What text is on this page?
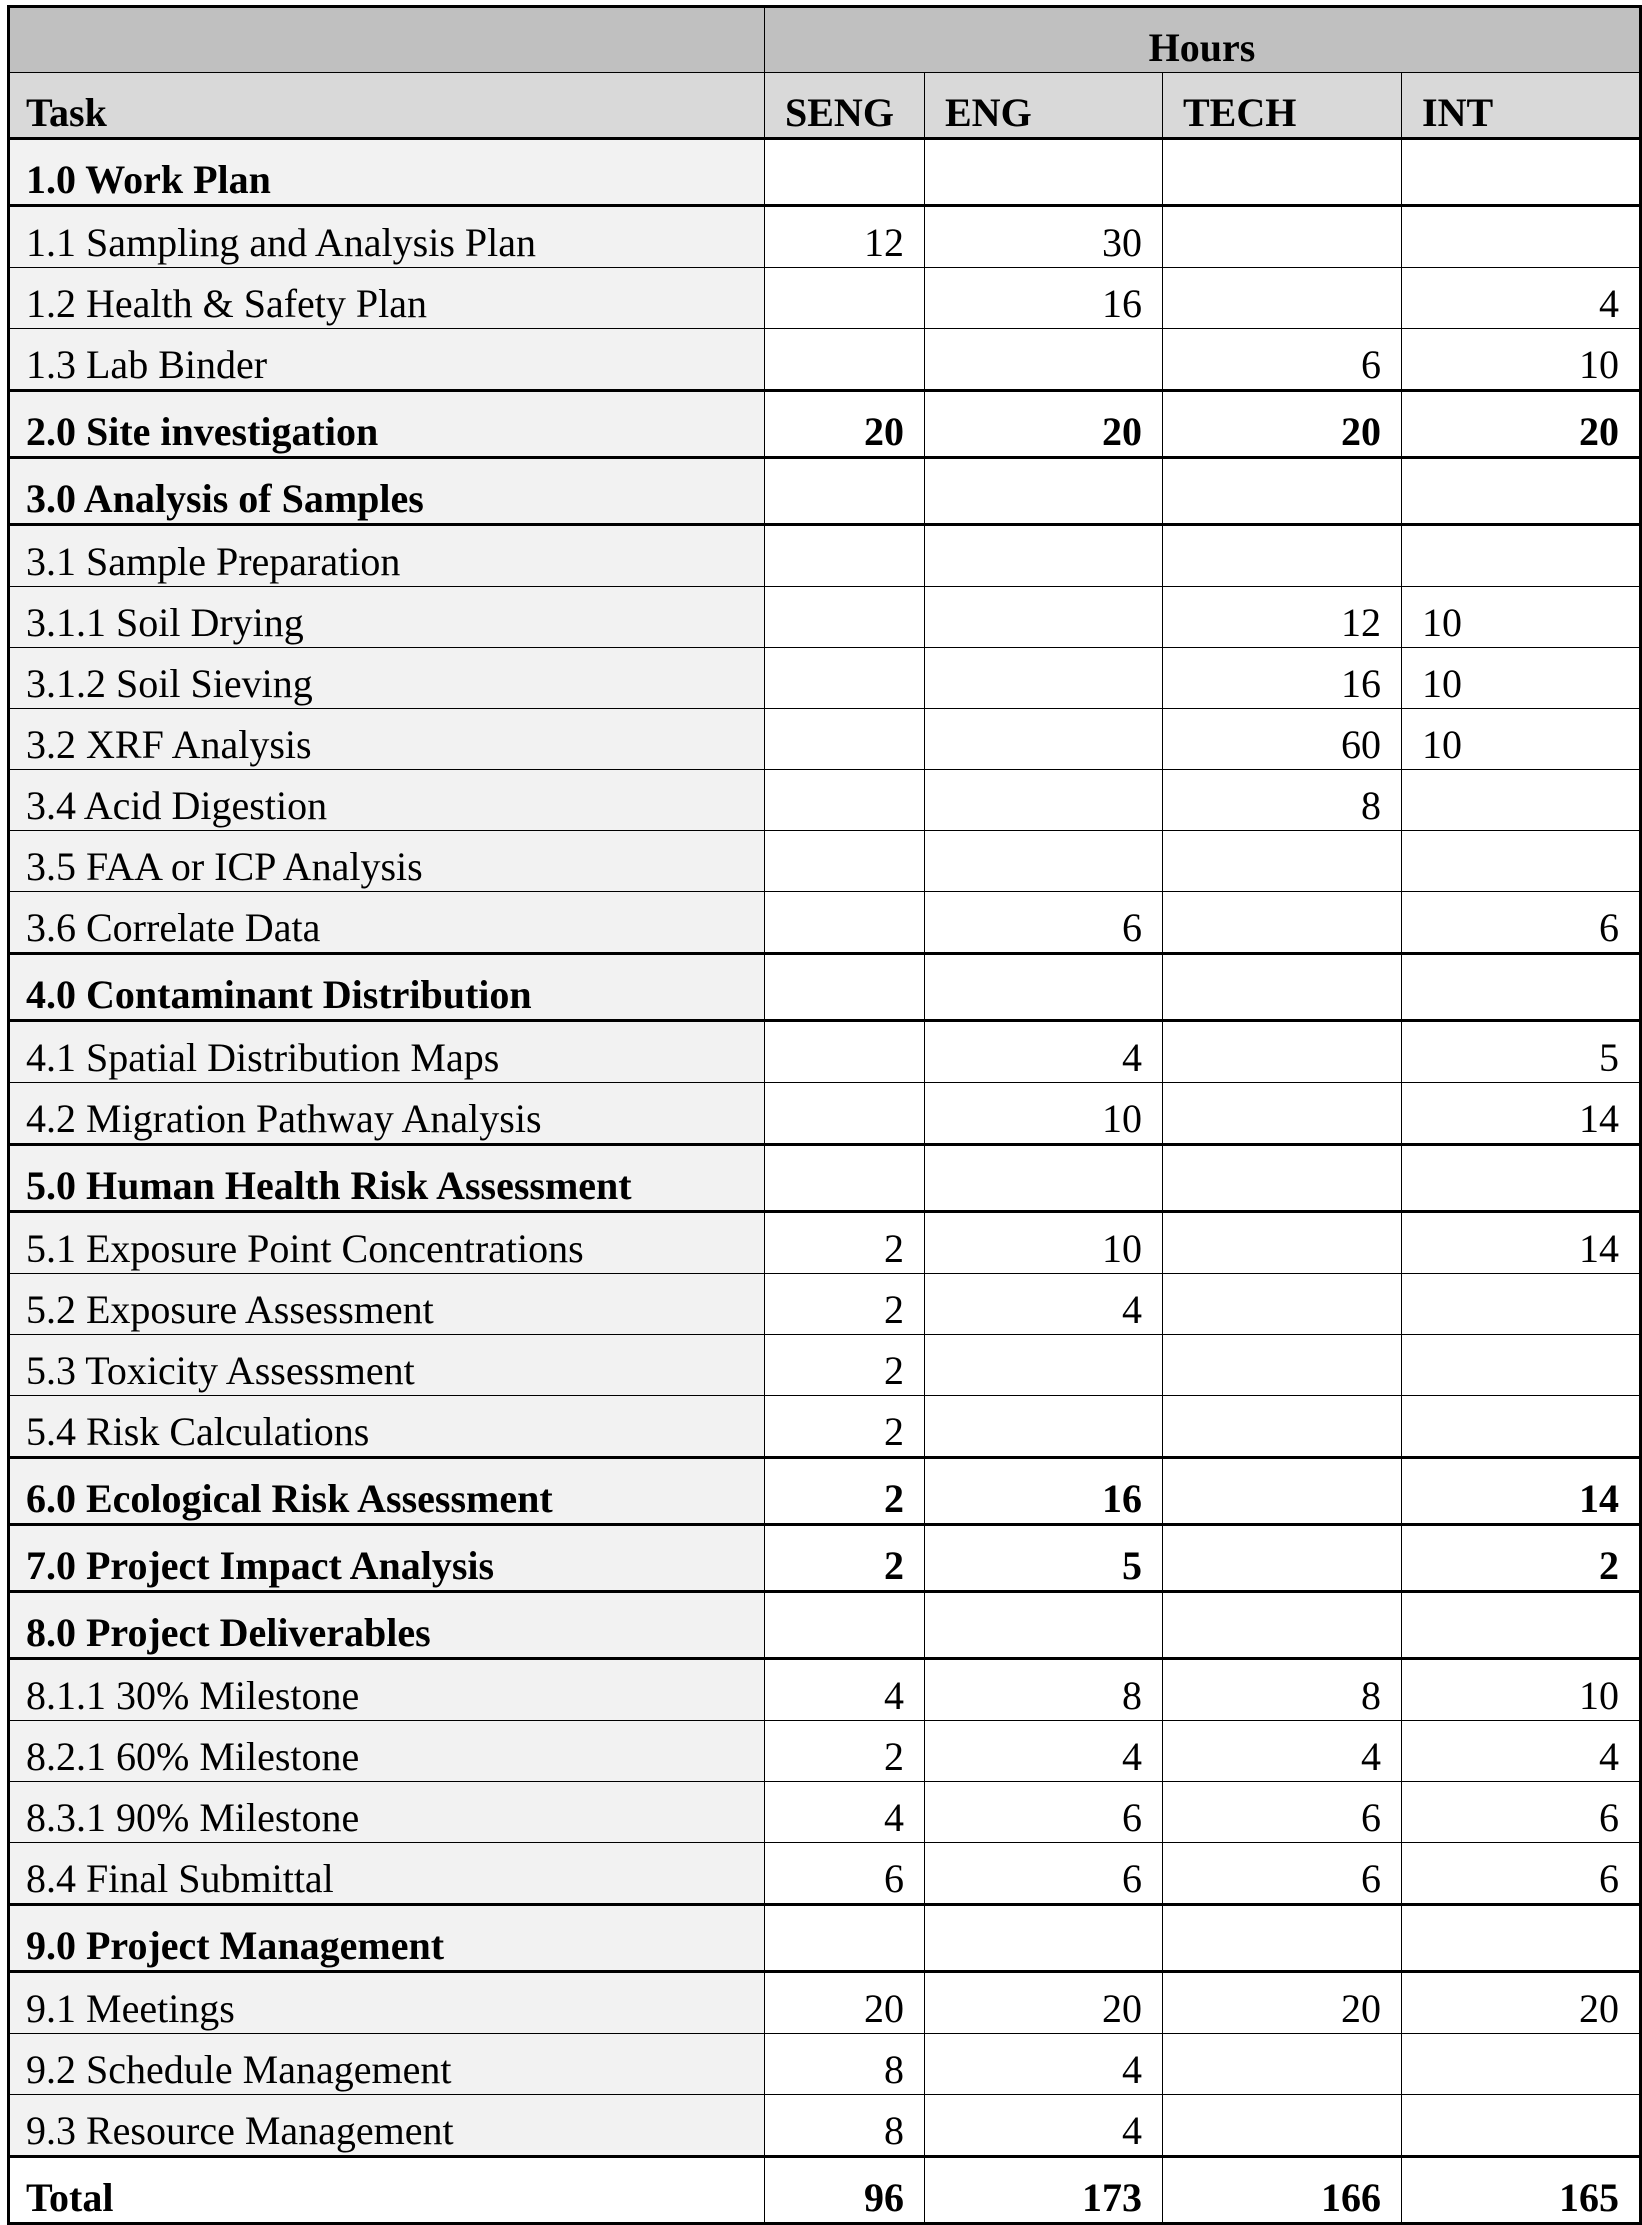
	Hours			
Task	SENG	ENG	TECH	INT
1.0 Work Plan				
1.1 Sampling and Analysis Plan	12	30		
1.2 Health & Safety Plan		16		4
1.3 Lab Binder			6	10
2.0 Site investigation	20	20	20	20
3.0 Analysis of Samples				
3.1 Sample Preparation				
3.1.1 Soil Drying			12	10
3.1.2 Soil Sieving			16	10
3.2 XRF Analysis			60	10
3.4 Acid Digestion			8	
3.5 FAA or ICP Analysis				
3.6 Correlate Data		6		6
4.0 Contaminant Distribution				
4.1 Spatial Distribution Maps		4		5
4.2 Migration Pathway Analysis		10		14
5.0 Human Health Risk Assessment				
5.1 Exposure Point Concentrations	2	10		14
5.2 Exposure Assessment	2	4		
5.3 Toxicity Assessment	2			
5.4 Risk Calculations	2			
6.0 Ecological Risk Assessment	2	16		14
7.0 Project Impact Analysis	2	5		2
8.0 Project Deliverables				
8.1.1 30% Milestone	4	8	8	10
8.2.1 60% Milestone	2	4	4	4
8.3.1 90% Milestone	4	6	6	6
8.4 Final Submittal	6	6	6	6
9.0 Project Management				
9.1 Meetings	20	20	20	20
9.2 Schedule Management	8	4		
9.3 Resource Management	8	4		
Total	96	173	166	165
